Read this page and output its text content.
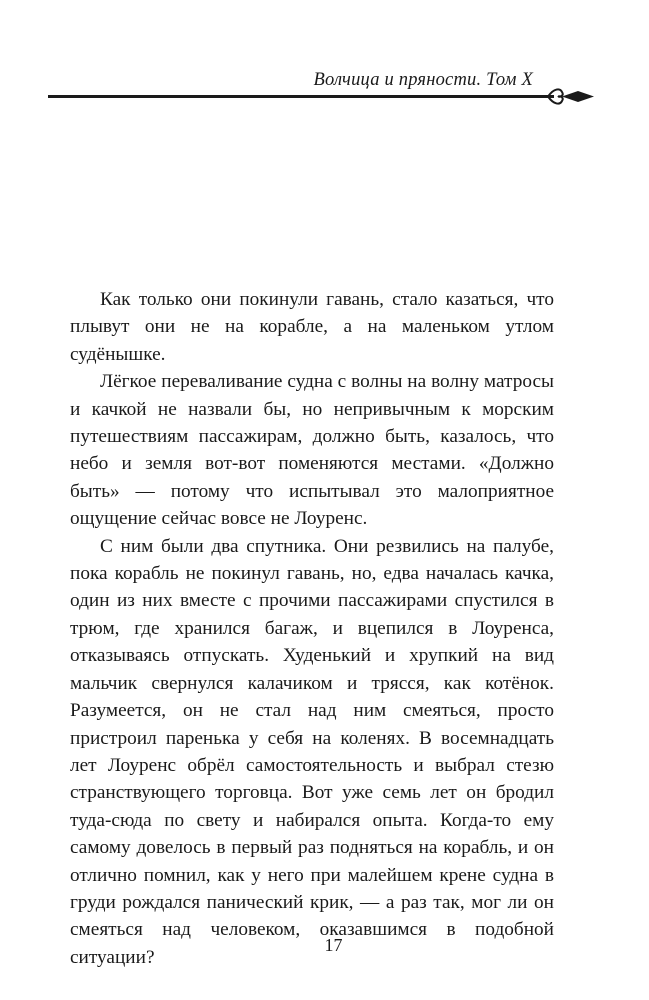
Волчица и пряности. Том X

Как только они покинули гавань, стало казаться, что плывут они не на корабле, а на маленьком утлом судёнышке.

Лёгкое переваливание судна с волны на волну матросы и качкой не назвали бы, но непривычным к морским путешествиям пассажирам, должно быть, казалось, что небо и земля вот-вот поменяются местами. «Должно быть» — потому что испытывал это малоприятное ощущение сейчас вовсе не Лоуренс.

С ним были два спутника. Они резвились на палубе, пока корабль не покинул гавань, но, едва началась качка, один из них вместе с прочими пассажирами спустился в трюм, где хранился багаж, и вцепился в Лоуренса, отказываясь отпускать. Худенький и хрупкий на вид мальчик свернулся калачиком и трясся, как котёнок. Разумеется, он не стал над ним смеяться, просто пристроил паренька у себя на коленях. В восемнадцать лет Лоуренс обрёл самостоятельность и выбрал стезю странствующего торговца. Вот уже семь лет он бродил туда-сюда по свету и набирался опыта. Когда-то ему самому довелось в первый раз подняться на корабль, и он отлично помнил, как у него при малейшем крене судна в груди рождался панический крик, — а раз так, мог ли он смеяться над человеком, оказавшимся в подобной ситуации?

17
